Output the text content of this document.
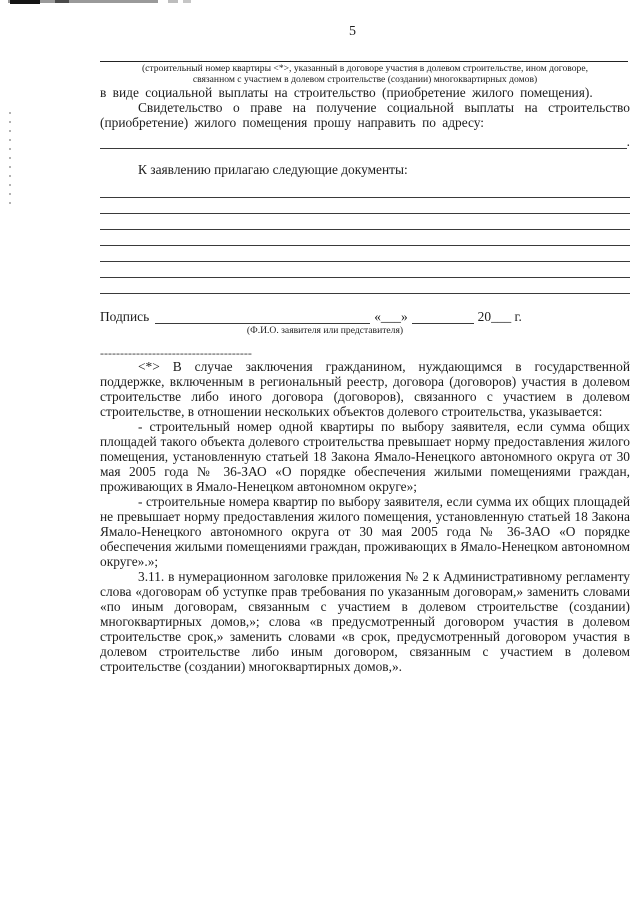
5
(строительный номер квартиры <*>, указанный в договоре участия в долевом строительстве, ином договоре,
связанном с участием в долевом строительстве (создании) многоквартирных домов)

в виде социальной выплаты на строительство (приобретение жилого помещения).

Свидетельство о праве на получение социальной выплаты на строительство (приобретение) жилого помещения прошу направить по адресу:

.

К заявлению прилагаю следующие документы:

Подпись	«___»	20___ г.
(Ф.И.О. заявителя или представителя)
--------------------------------------

<*> В случае заключения гражданином, нуждающимся в государственной поддержке, включенным в региональный реестр, договора (договоров) участия в долевом строительстве либо иного договора (договоров), связанного с участием в долевом строительстве, в отношении нескольких объектов долевого строительства, указывается:

- строительный номер одной квартиры по выбору заявителя, если сумма общих площадей такого объекта долевого строительства превышает норму предоставления жилого помещения, установленную статьей 18 Закона Ямало-Ненецкого автономного округа от 30 мая 2005 года № 36-ЗАО «О порядке обеспечения жилыми помещениями граждан, проживающих в Ямало-Ненецком автономном округе»;

- строительные номера квартир по выбору заявителя, если сумма их общих площадей не превышает норму предоставления жилого помещения, установленную статьей 18 Закона Ямало-Ненецкого автономного округа от 30 мая 2005 года № 36-ЗАО «О порядке обеспечения жилыми помещениями граждан, проживающих в Ямало-Ненецком автономном округе».»;

3.11. в нумерационном заголовке приложения № 2 к Административному регламенту слова «договорам об уступке прав требования по указанным договорам,» заменить словами «по иным договорам, связанным с участием в долевом строительстве (создании) многоквартирных домов,»; слова «в предусмотренный договором участия в долевом строительстве срок,» заменить словами «в срок, предусмотренный договором участия в долевом строительстве либо иным договором, связанным с участием в долевом строительстве (создании) многоквартирных домов,».
